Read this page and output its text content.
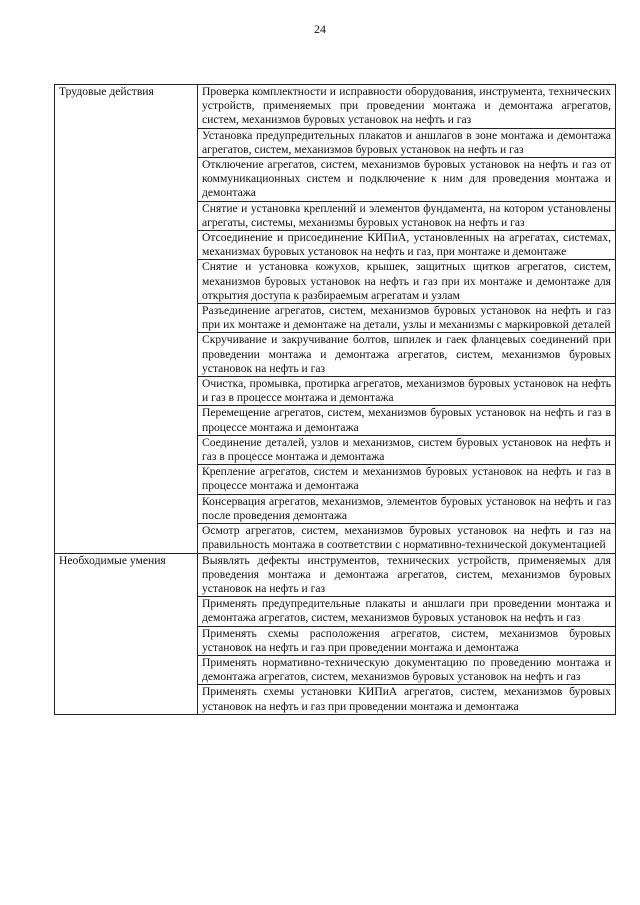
24
Трудовые действия	Проверка комплектности и исправности оборудования, инструмента, технических устройств, применяемых при проведении монтажа и демонтажа агрегатов, систем, механизмов буровых установок на нефть и газ
	Установка предупредительных плакатов и аншлагов в зоне монтажа и демонтажа агрегатов, систем, механизмов буровых установок на нефть и газ
	Отключение агрегатов, систем, механизмов буровых установок на нефть и газ от коммуникационных систем и подключение к ним для проведения монтажа и демонтажа
	Снятие и установка креплений и элементов фундамента, на котором установлены агрегаты, системы, механизмы буровых установок на нефть и газ
	Отсоединение и присоединение КИПиА, установленных на агрегатах, системах, механизмах буровых установок на нефть и газ, при монтаже и демонтаже
	Снятие и установка кожухов, крышек, защитных щитков агрегатов, систем, механизмов буровых установок на нефть и газ при их монтаже и демонтаже для открытия доступа к разбираемым агрегатам и узлам
	Разъединение агрегатов, систем, механизмов буровых установок на нефть и газ при их монтаже и демонтаже на детали, узлы и механизмы с маркировкой деталей
	Скручивание и закручивание болтов, шпилек и гаек фланцевых соединений при проведении монтажа и демонтажа агрегатов, систем, механизмов буровых установок на нефть и газ
	Очистка, промывка, протирка агрегатов, механизмов буровых установок на нефть и газ в процессе монтажа и демонтажа
	Перемещение агрегатов, систем, механизмов буровых установок на нефть и газ в процессе монтажа и демонтажа
	Соединение деталей, узлов и механизмов, систем буровых установок на нефть и газ в процессе монтажа и демонтажа
	Крепление агрегатов, систем и механизмов буровых установок на нефть и газ в процессе монтажа и демонтажа
	Консервация агрегатов, механизмов, элементов буровых установок на нефть и газ после проведения демонтажа
	Осмотр агрегатов, систем, механизмов буровых установок на нефть и газ на правильность монтажа в соответствии с нормативно-технической документацией
Необходимые умения	Выявлять дефекты инструментов, технических устройств, применяемых для проведения монтажа и демонтажа агрегатов, систем, механизмов буровых установок на нефть и газ
	Применять предупредительные плакаты и аншлаги при проведении монтажа и демонтажа агрегатов, систем, механизмов буровых установок на нефть и газ
	Применять схемы расположения агрегатов, систем, механизмов буровых установок на нефть и газ при проведении монтажа и демонтажа
	Применять нормативно-техническую документацию по проведению монтажа и демонтажа агрегатов, систем, механизмов буровых установок на нефть и газ
	Применять схемы установки КИПиА агрегатов, систем, механизмов буровых установок на нефть и газ при проведении монтажа и демонтажа
